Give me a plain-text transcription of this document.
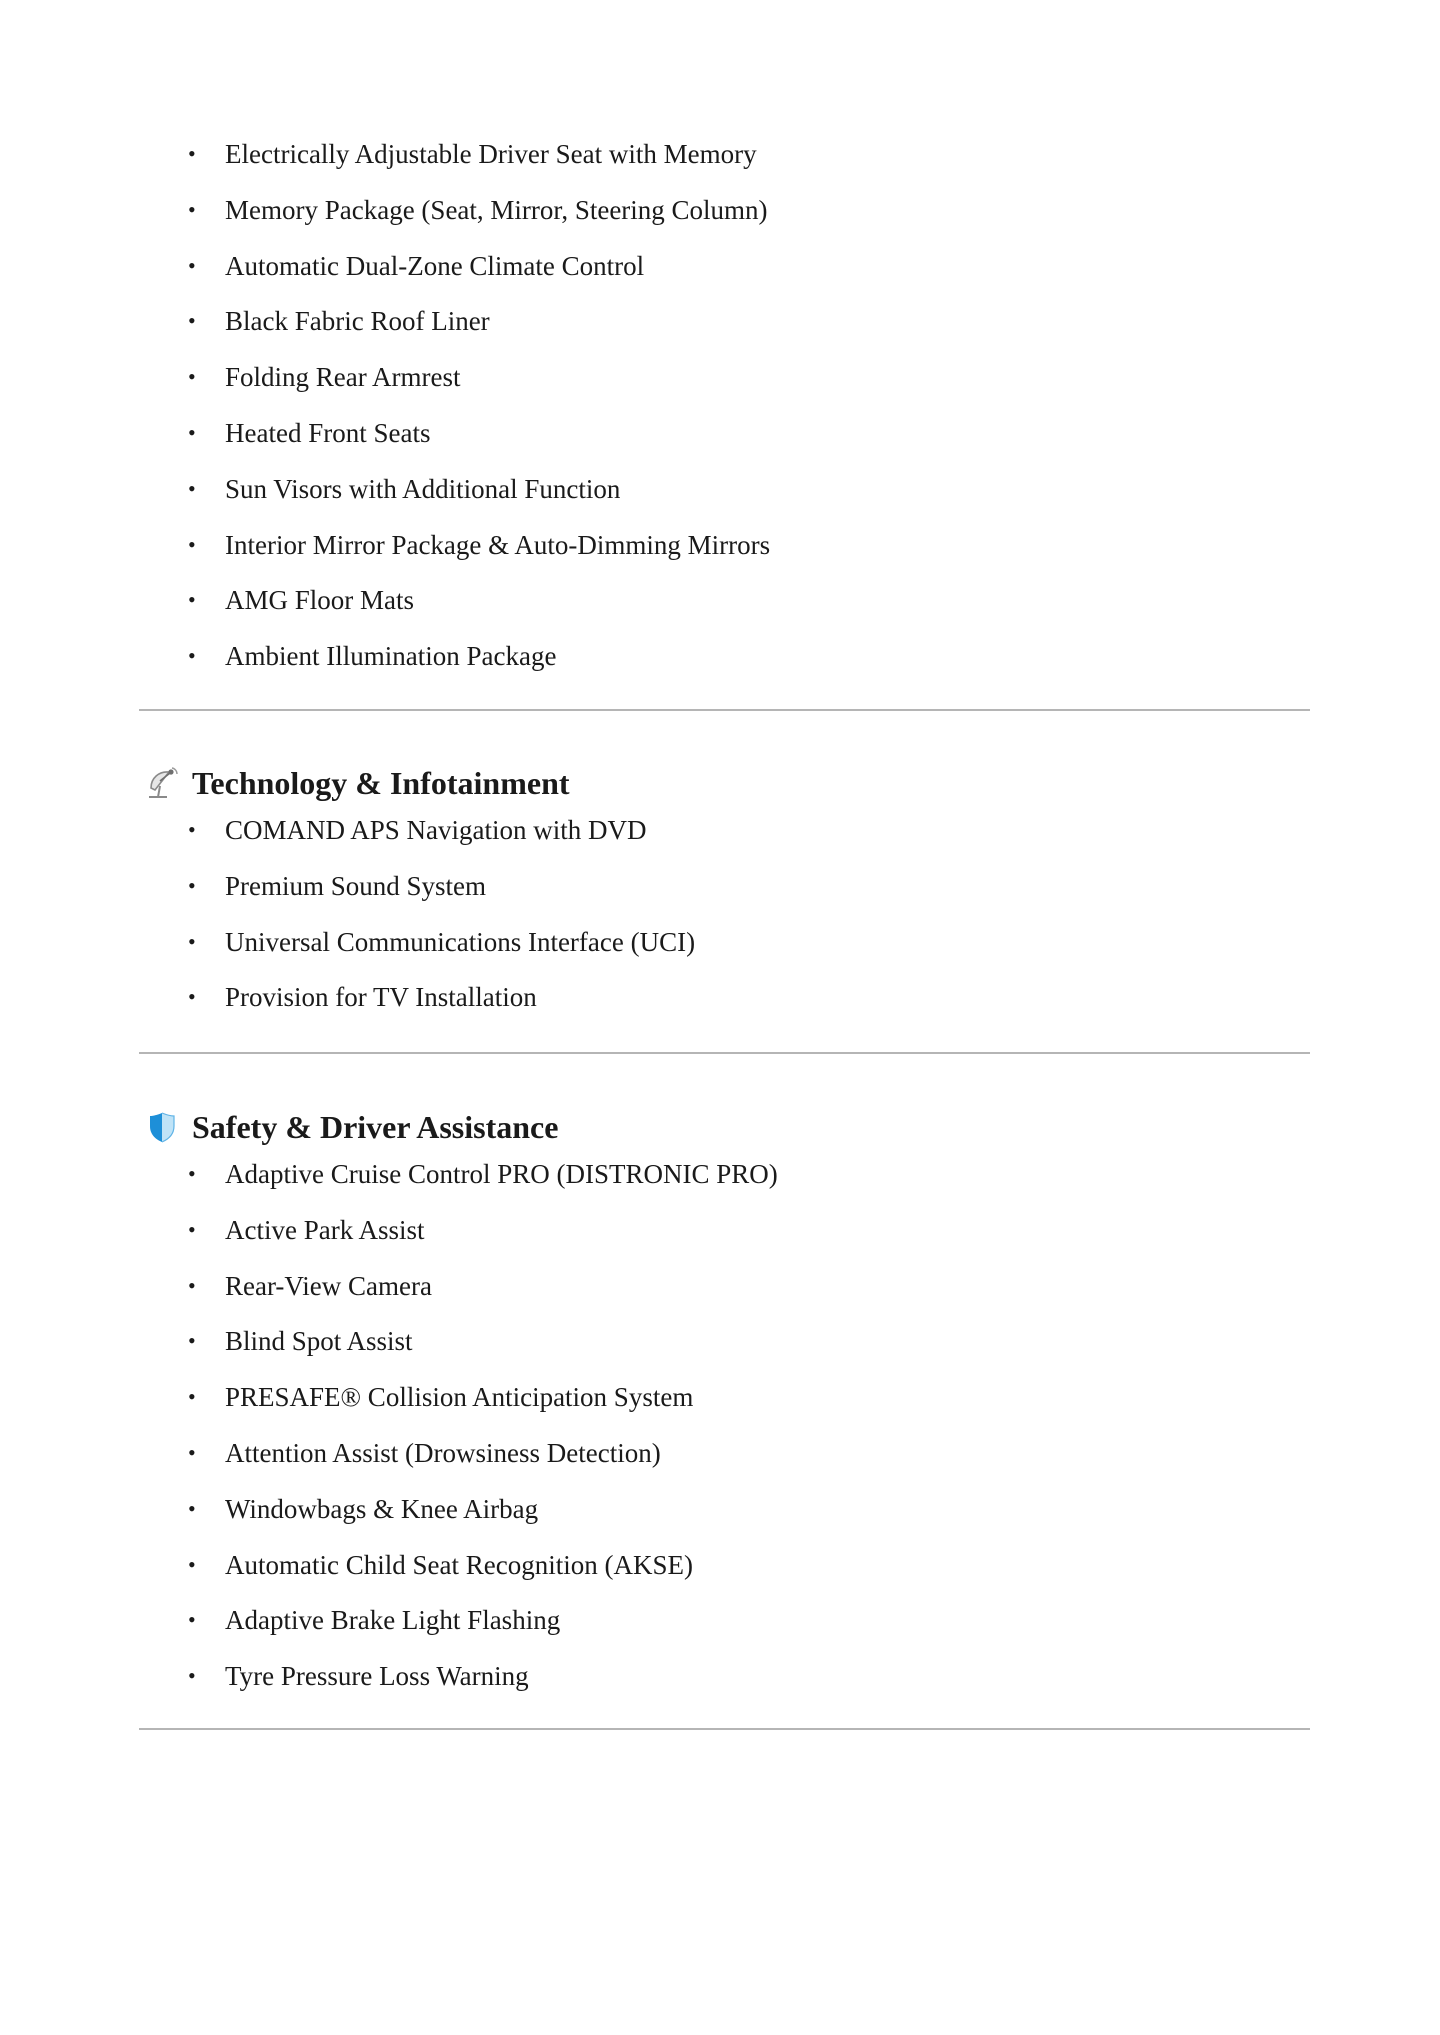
• Electrically Adjustable Driver Seat with Memory
• Memory Package (Seat, Mirror, Steering Column)
• Automatic Dual-Zone Climate Control
• Black Fabric Roof Liner
• Folding Rear Armrest
• Heated Front Seats
• Sun Visors with Additional Function
• Interior Mirror Package & Auto-Dimming Mirrors
• AMG Floor Mats
• Ambient Illumination Package
Technology & Infotainment
• COMAND APS Navigation with DVD
• Premium Sound System
• Universal Communications Interface (UCI)
• Provision for TV Installation
Safety & Driver Assistance
• Adaptive Cruise Control PRO (DISTRONIC PRO)
• Active Park Assist
• Rear-View Camera
• Blind Spot Assist
• PRESAFE® Collision Anticipation System
• Attention Assist (Drowsiness Detection)
• Windowbags & Knee Airbag
• Automatic Child Seat Recognition (AKSE)
• Adaptive Brake Light Flashing
• Tyre Pressure Loss Warning
